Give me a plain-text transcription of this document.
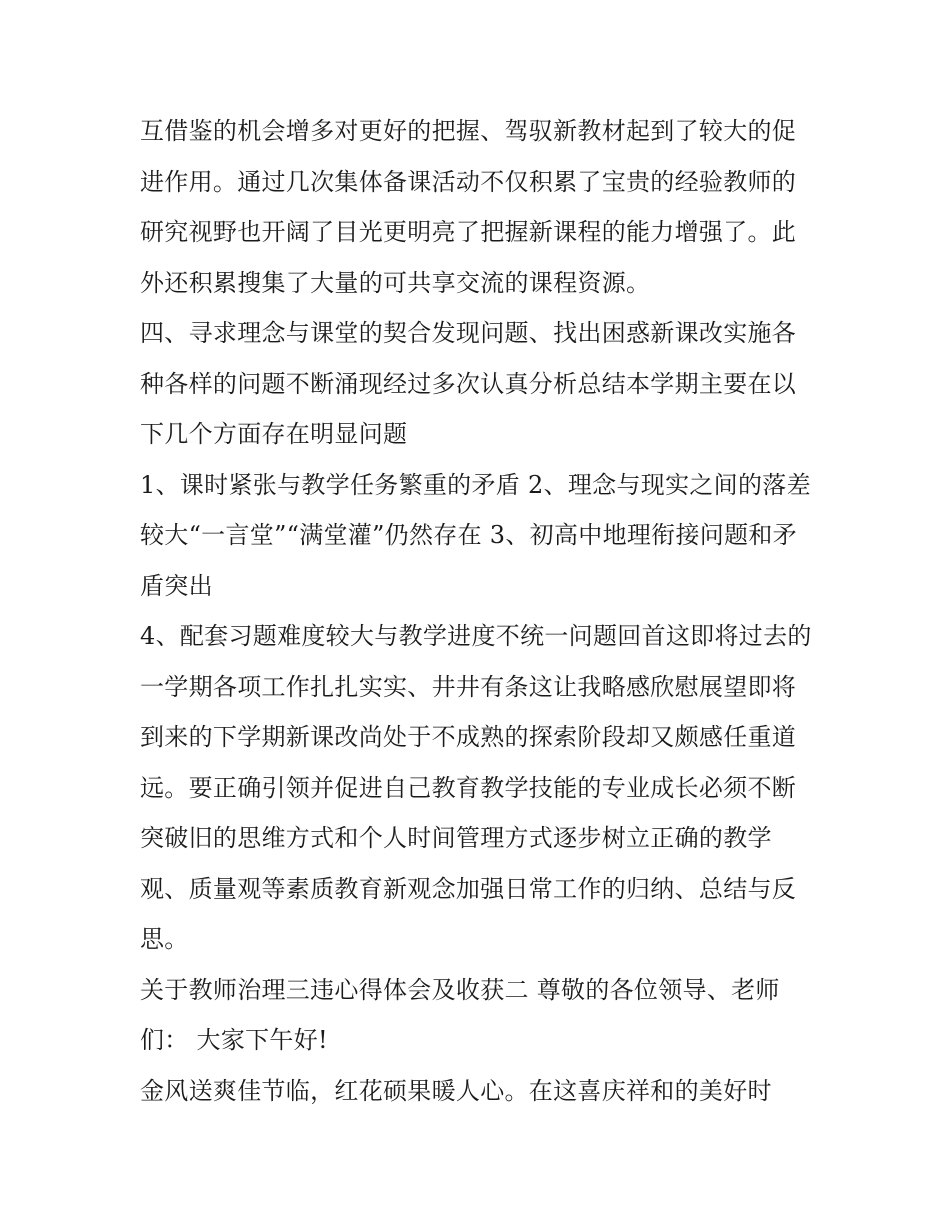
互借鉴的机会增多对更好的把握、驾驭新教材起到了较大的促进作用。通过几次集体备课活动不仅积累了宝贵的经验教师的研究视野也开阔了目光更明亮了把握新课程的能力增强了。此外还积累搜集了大量的可共享交流的课程资源。

四、寻求理念与课堂的契合发现问题、找出困惑新课改实施各种各样的问题不断涌现经过多次认真分析总结本学期主要在以下几个方面存在明显问题

1、课时紧张与教学任务繁重的矛盾 2、理念与现实之间的落差较大“一言堂”“满堂灌”仍然存在 3、初高中地理衔接问题和矛盾突出

4、配套习题难度较大与教学进度不统一问题回首这即将过去的一学期各项工作扎扎实实、井井有条这让我略感欣慰展望即将到来的下学期新课改尚处于不成熟的探索阶段却又颇感任重道远。要正确引领并促进自己教育教学技能的专业成长必须不断突破旧的思维方式和个人时间管理方式逐步树立正确的教学观、质量观等素质教育新观念加强日常工作的归纳、总结与反思。

关于教师治理三违心得体会及收获二 尊敬的各位领导、老师们： 大家下午好!

金风送爽佳节临，红花硕果暖人心。在这喜庆祥和的美好时
